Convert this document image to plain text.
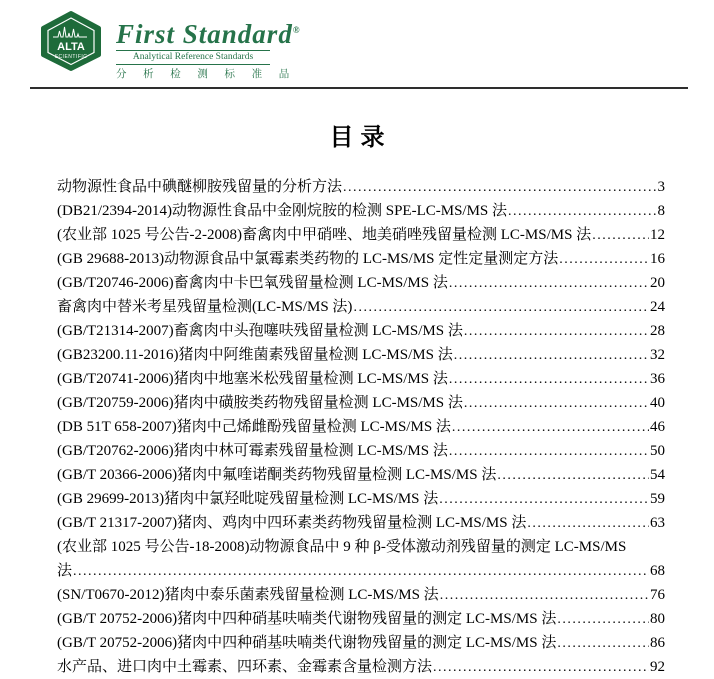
ALTA
SCIENTIFIC
First Standard®
Analytical Reference Standards
分 析 检 测 标 准 品
目录
动物源性食品中碘醚柳胺残留量的分析方法 .....	3
(DB21/2394-2014)动物源性食品中金刚烷胺的检测 SPE-LC-MS/MS 法 .....	8
(农业部 1025 号公告-2-2008)畜禽肉中甲硝唑、地美硝唑残留量检测 LC-MS/MS 法 .....	12
(GB 29688-2013)动物源食品中氯霉素类药物的 LC-MS/MS 定性定量测定方法 .....	16
(GB/T20746-2006)畜禽肉中卡巴氧残留量检测 LC-MS/MS 法 .....	20
畜禽肉中替米考星残留量检测(LC-MS/MS 法) .....	24
(GB/T21314-2007)畜禽肉中头孢噻呋残留量检测 LC-MS/MS 法 .....	28
(GB23200.11-2016)猪肉中阿维菌素残留量检测 LC-MS/MS 法 .....	32
(GB/T20741-2006)猪肉中地塞米松残留量检测 LC-MS/MS 法 .....	36
(GB/T20759-2006)猪肉中磺胺类药物残留量检测 LC-MS/MS 法 .....	40
(DB 51T 658-2007)猪肉中己烯雌酚残留量检测 LC-MS/MS 法 .....	46
(GB/T20762-2006)猪肉中林可霉素残留量检测 LC-MS/MS 法 .....	50
(GB/T 20366-2006)猪肉中氟喹诺酮类药物残留量检测 LC-MS/MS 法 .....	54
(GB 29699-2013)猪肉中氯羟吡啶残留量检测 LC-MS/MS 法 .....	59
(GB/T 21317-2007)猪肉、鸡肉中四环素类药物残留量检测 LC-MS/MS 法 .....	63
(农业部 1025 号公告-18-2008)动物源食品中 9 种 β-受体激动剂残留量的测定 LC-MS/MS
法 .....	68
(SN/T0670-2012)猪肉中泰乐菌素残留量检测 LC-MS/MS 法 .....	76
(GB/T 20752-2006)猪肉中四种硝基呋喃类代谢物残留量的测定 LC-MS/MS 法 .....	80
(GB/T 20752-2006)猪肉中四种硝基呋喃类代谢物残留量的测定 LC-MS/MS 法 .....	86
水产品、进口肉中土霉素、四环素、金霉素含量检测方法 .....	92
